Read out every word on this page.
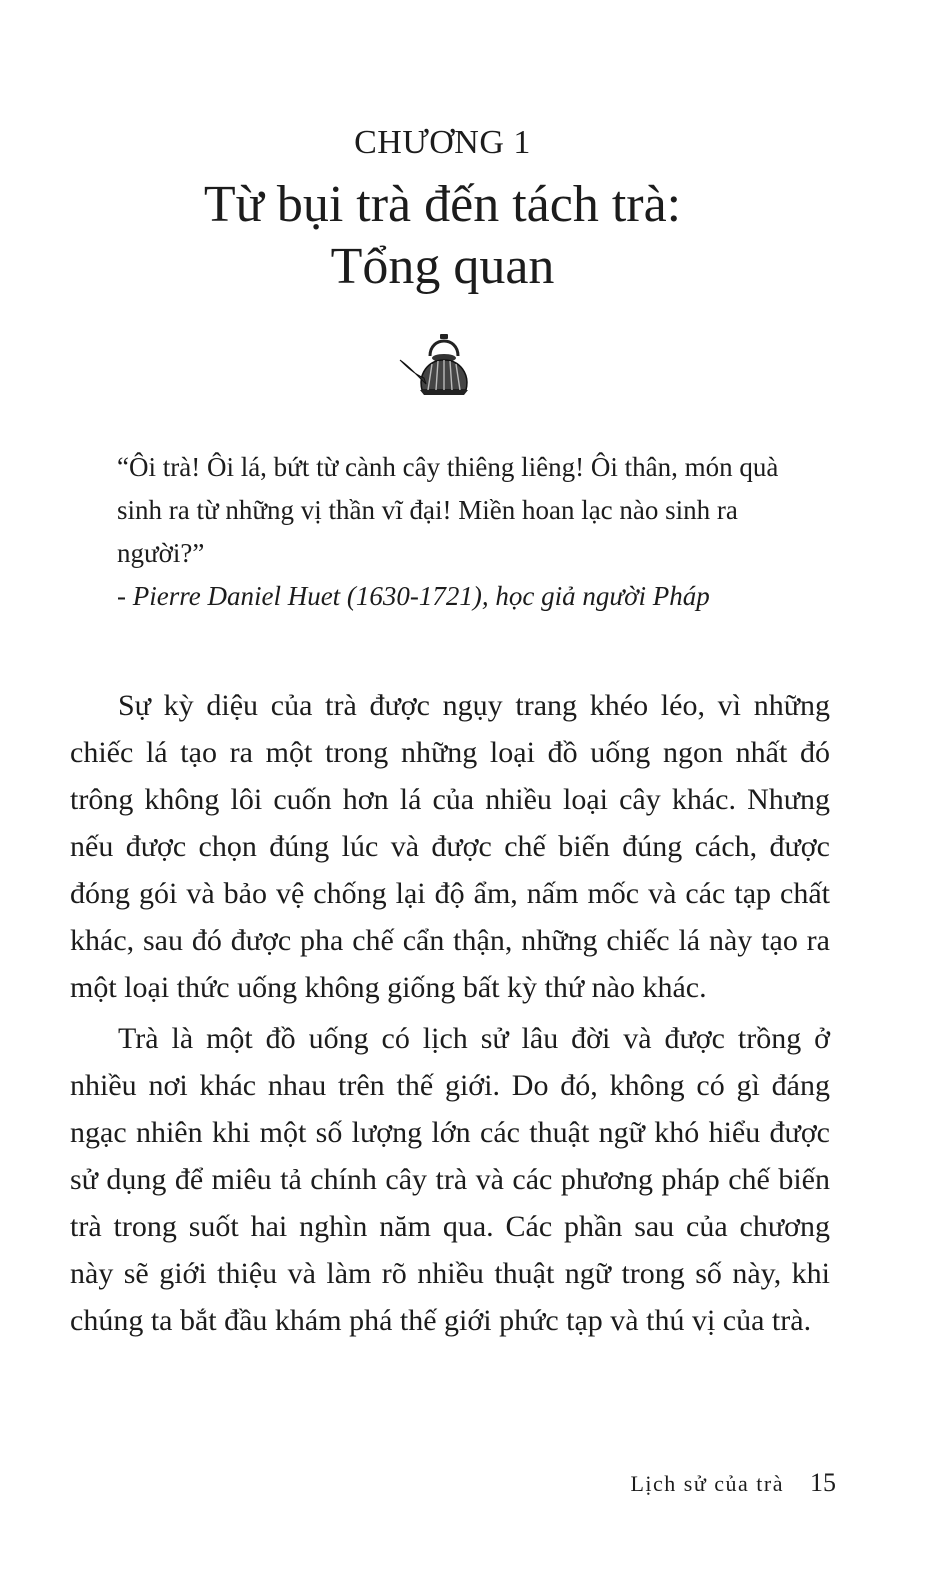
CHƯƠNG 1
Từ bụi trà đến tách trà:
Tổng quan

“Ôi trà! Ôi lá, bứt từ cành cây thiêng liêng! Ôi thân, món quà sinh ra từ những vị thần vĩ đại! Miền hoan lạc nào sinh ra người?”

- Pierre Daniel Huet (1630-1721), học giả người Pháp

Sự kỳ diệu của trà được ngụy trang khéo léo, vì những chiếc lá tạo ra một trong những loại đồ uống ngon nhất đó trông không lôi cuốn hơn lá của nhiều loại cây khác. Nhưng nếu được chọn đúng lúc và được chế biến đúng cách, được đóng gói và bảo vệ chống lại độ ẩm, nấm mốc và các tạp chất khác, sau đó được pha chế cẩn thận, những chiếc lá này tạo ra một loại thức uống không giống bất kỳ thứ nào khác.

Trà là một đồ uống có lịch sử lâu đời và được trồng ở nhiều nơi khác nhau trên thế giới. Do đó, không có gì đáng ngạc nhiên khi một số lượng lớn các thuật ngữ khó hiểu được sử dụng để miêu tả chính cây trà và các phương pháp chế biến trà trong suốt hai nghìn năm qua. Các phần sau của chương này sẽ giới thiệu và làm rõ nhiều thuật ngữ trong số này, khi chúng ta bắt đầu khám phá thế giới phức tạp và thú vị của trà.

Lịch sử của trà 15
